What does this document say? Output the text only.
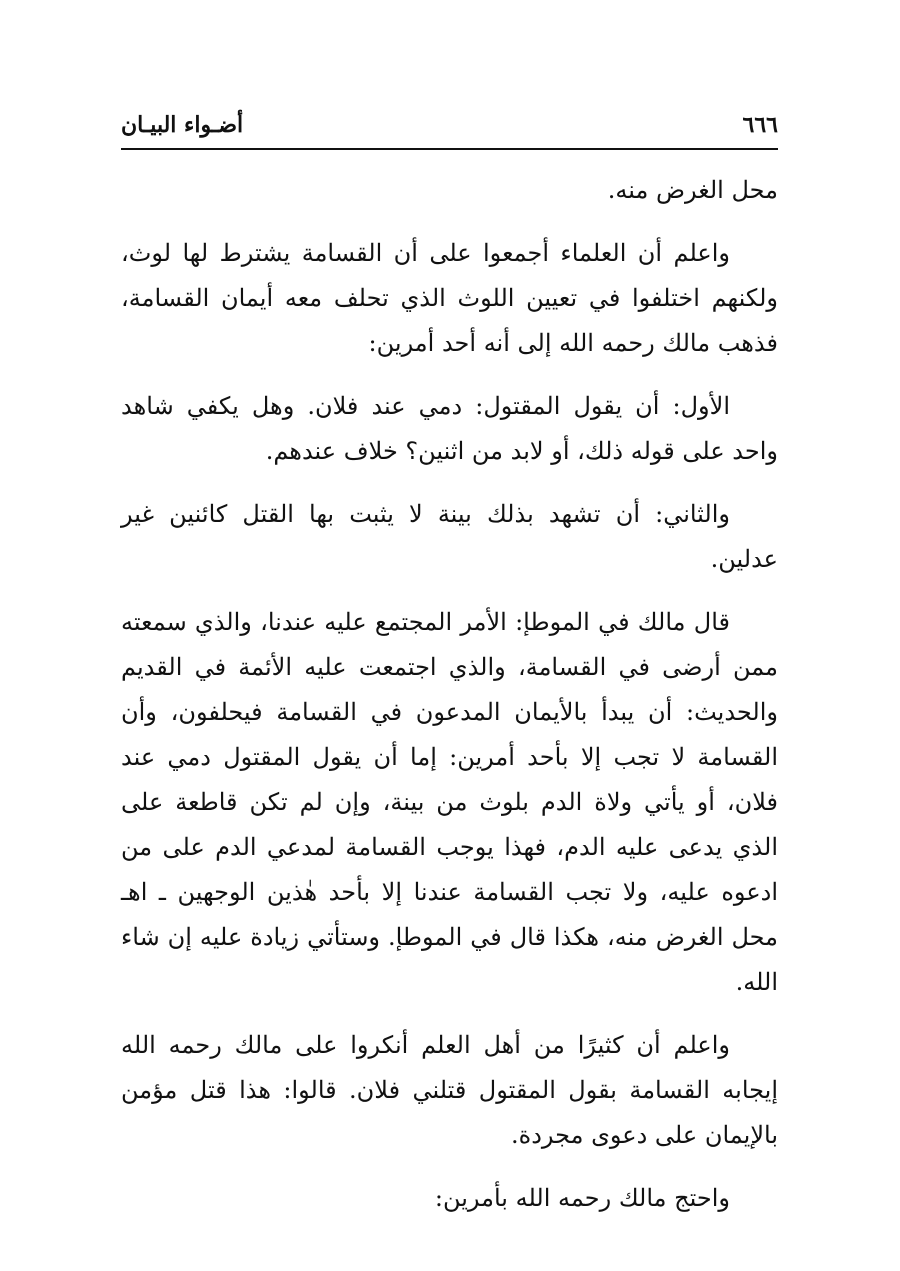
أضـواء البيـان	٦٦٦

محل الغرض منه.

واعلم أن العلماء أجمعوا على أن القسامة يشترط لها لوث، ولكنهم اختلفوا في تعيين اللوث الذي تحلف معه أيمان القسامة، فذهب مالك رحمه الله إلى أنه أحد أمرين:

الأول: أن يقول المقتول: دمي عند فلان. وهل يكفي شاهد واحد على قوله ذلك، أو لابد من اثنين؟ خلاف عندهم.

والثاني: أن تشهد بذلك بينة لا يثبت بها القتل كائنين غير عدلين.

قال مالك في الموطإ: الأمر المجتمع عليه عندنا، والذي سمعته ممن أرضى في القسامة، والذي اجتمعت عليه الأئمة في القديم والحديث: أن يبدأ بالأيمان المدعون في القسامة فيحلفون، وأن القسامة لا تجب إلا بأحد أمرين: إما أن يقول المقتول دمي عند فلان، أو يأتي ولاة الدم بلوث من بينة، وإن لم تكن قاطعة على الذي يدعى عليه الدم، فهذا يوجب القسامة لمدعي الدم على من ادعوه عليه، ولا تجب القسامة عندنا إلا بأحد هٰذين الوجهين ـ اهـ محل الغرض منه، هكذا قال في الموطإ. وستأتي زيادة عليه إن شاء الله.

واعلم أن كثيرًا من أهل العلم أنكروا على مالك رحمه الله إيجابه القسامة بقول المقتول قتلني فلان. قالوا: هذا قتل مؤمن بالإيمان على دعوى مجردة.

واحتج مالك رحمه الله بأمرين:
